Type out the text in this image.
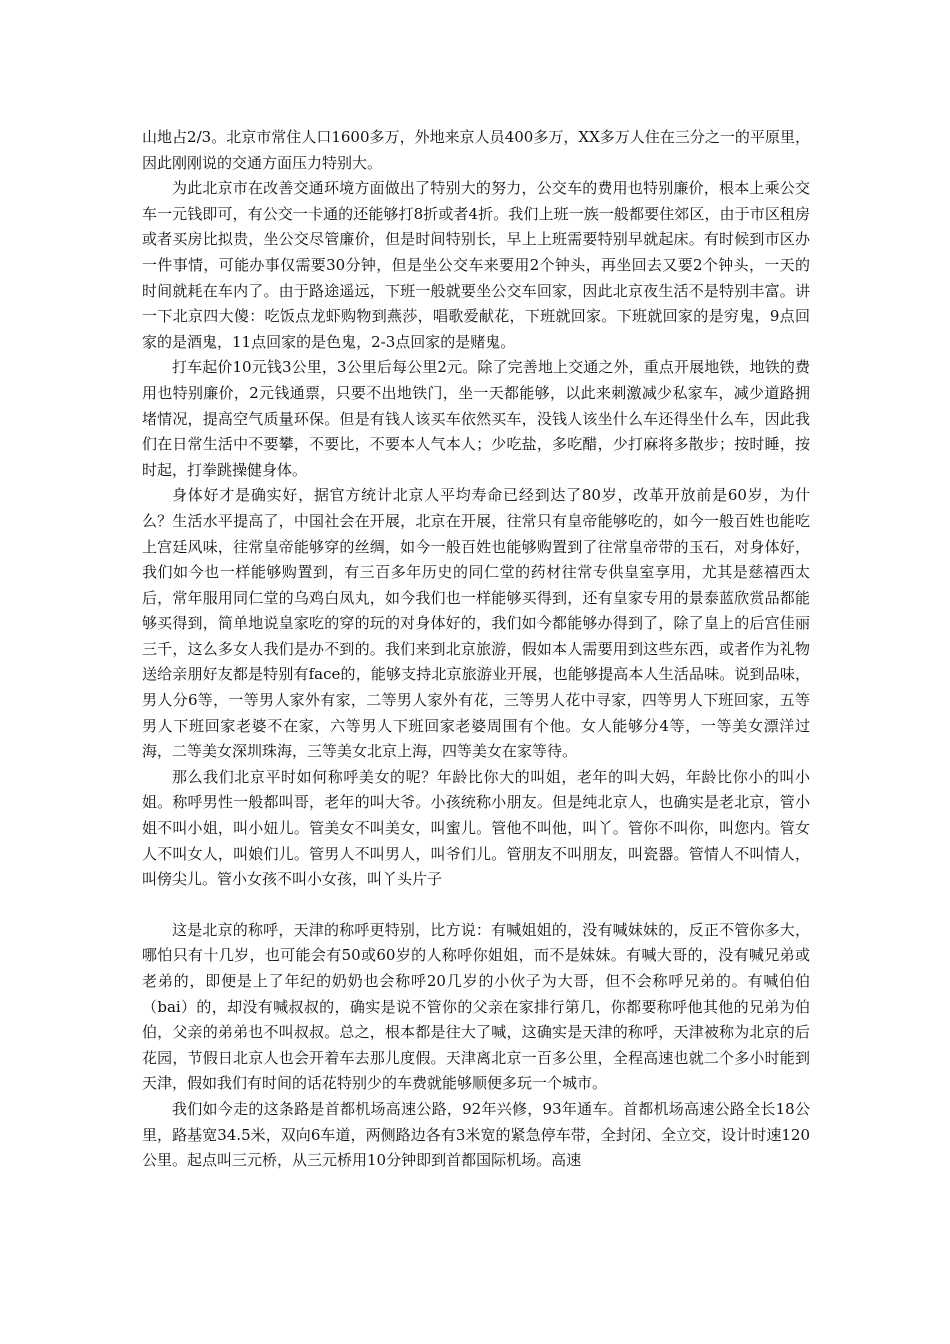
山地占2/3。北京市常住人口1600多万，外地来京人员400多万，XX多万人住在三分之一的平原里，因此刚刚说的交通方面压力特别大。

为此北京市在改善交通环境方面做出了特别大的努力，公交车的费用也特别廉价，根本上乘公交车一元钱即可，有公交一卡通的还能够打8折或者4折。我们上班一族一般都要住郊区，由于市区租房或者买房比拟贵，坐公交尽管廉价，但是时间特别长，早上上班需要特别早就起床。有时候到市区办一件事情，可能办事仅需要30分钟，但是坐公交车来要用2个钟头，再坐回去又要2个钟头，一天的时间就耗在车内了。由于路途遥远，下班一般就要坐公交车回家，因此北京夜生活不是特别丰富。讲一下北京四大傻：吃饭点龙虾购物到燕莎，唱歌爱献花，下班就回家。下班就回家的是穷鬼，9点回家的是酒鬼，11点回家的是色鬼，2-3点回家的是赌鬼。

打车起价10元钱3公里，3公里后每公里2元。除了完善地上交通之外，重点开展地铁，地铁的费用也特别廉价，2元钱通票，只要不出地铁门，坐一天都能够，以此来刺激减少私家车，减少道路拥堵情况，提高空气质量环保。但是有钱人该买车依然买车，没钱人该坐什么车还得坐什么车，因此我们在日常生活中不要攀，不要比，不要本人气本人；少吃盐，多吃醋，少打麻将多散步；按时睡，按时起，打拳跳操健身体。

身体好才是确实好，据官方统计北京人平均寿命已经到达了80岁，改革开放前是60岁，为什么？生活水平提高了，中国社会在开展，北京在开展，往常只有皇帝能够吃的，如今一般百姓也能吃上宫廷风味，往常皇帝能够穿的丝绸，如今一般百姓也能够购置到了往常皇帝带的玉石，对身体好，我们如今也一样能够购置到，有三百多年历史的同仁堂的药材往常专供皇室享用，尤其是慈禧西太后，常年服用同仁堂的乌鸡白凤丸，如今我们也一样能够买得到，还有皇家专用的景泰蓝欣赏品都能够买得到，简单地说皇家吃的穿的玩的对身体好的，我们如今都能够办得到了，除了皇上的后宫佳丽三千，这么多女人我们是办不到的。我们来到北京旅游，假如本人需要用到这些东西，或者作为礼物送给亲朋好友都是特别有face的，能够支持北京旅游业开展，也能够提高本人生活品味。说到品味，男人分6等，一等男人家外有家，二等男人家外有花，三等男人花中寻家，四等男人下班回家，五等男人下班回家老婆不在家，六等男人下班回家老婆周围有个他。女人能够分4等，一等美女漂洋过海，二等美女深圳珠海，三等美女北京上海，四等美女在家等待。

那么我们北京平时如何称呼美女的呢？年龄比你大的叫姐，老年的叫大妈，年龄比你小的叫小姐。称呼男性一般都叫哥，老年的叫大爷。小孩统称小朋友。但是纯北京人，也确实是老北京，管小姐不叫小姐，叫小妞儿。管美女不叫美女，叫蜜儿。管他不叫他，叫丫。管你不叫你，叫您内。管女人不叫女人，叫娘们儿。管男人不叫男人，叫爷们儿。管朋友不叫朋友，叫瓷器。管情人不叫情人，叫傍尖儿。管小女孩不叫小女孩，叫丫头片子

这是北京的称呼，天津的称呼更特别，比方说：有喊姐姐的，没有喊妹妹的，反正不管你多大，哪怕只有十几岁，也可能会有50或60岁的人称呼你姐姐，而不是妹妹。有喊大哥的，没有喊兄弟或老弟的，即便是上了年纪的奶奶也会称呼20几岁的小伙子为大哥，但不会称呼兄弟的。有喊伯伯（bai）的，却没有喊叔叔的，确实是说不管你的父亲在家排行第几，你都要称呼他其他的兄弟为伯伯，父亲的弟弟也不叫叔叔。总之，根本都是往大了喊，这确实是天津的称呼，天津被称为北京的后花园，节假日北京人也会开着车去那儿度假。天津离北京一百多公里，全程高速也就二个多小时能到天津，假如我们有时间的话花特别少的车费就能够顺便多玩一个城市。

我们如今走的这条路是首都机场高速公路，92年兴修，93年通车。首都机场高速公路全长18公里，路基宽34.5米，双向6车道，两侧路边各有3米宽的紧急停车带，全封闭、全立交，设计时速120公里。起点叫三元桥，从三元桥用10分钟即到首都国际机场。高速
